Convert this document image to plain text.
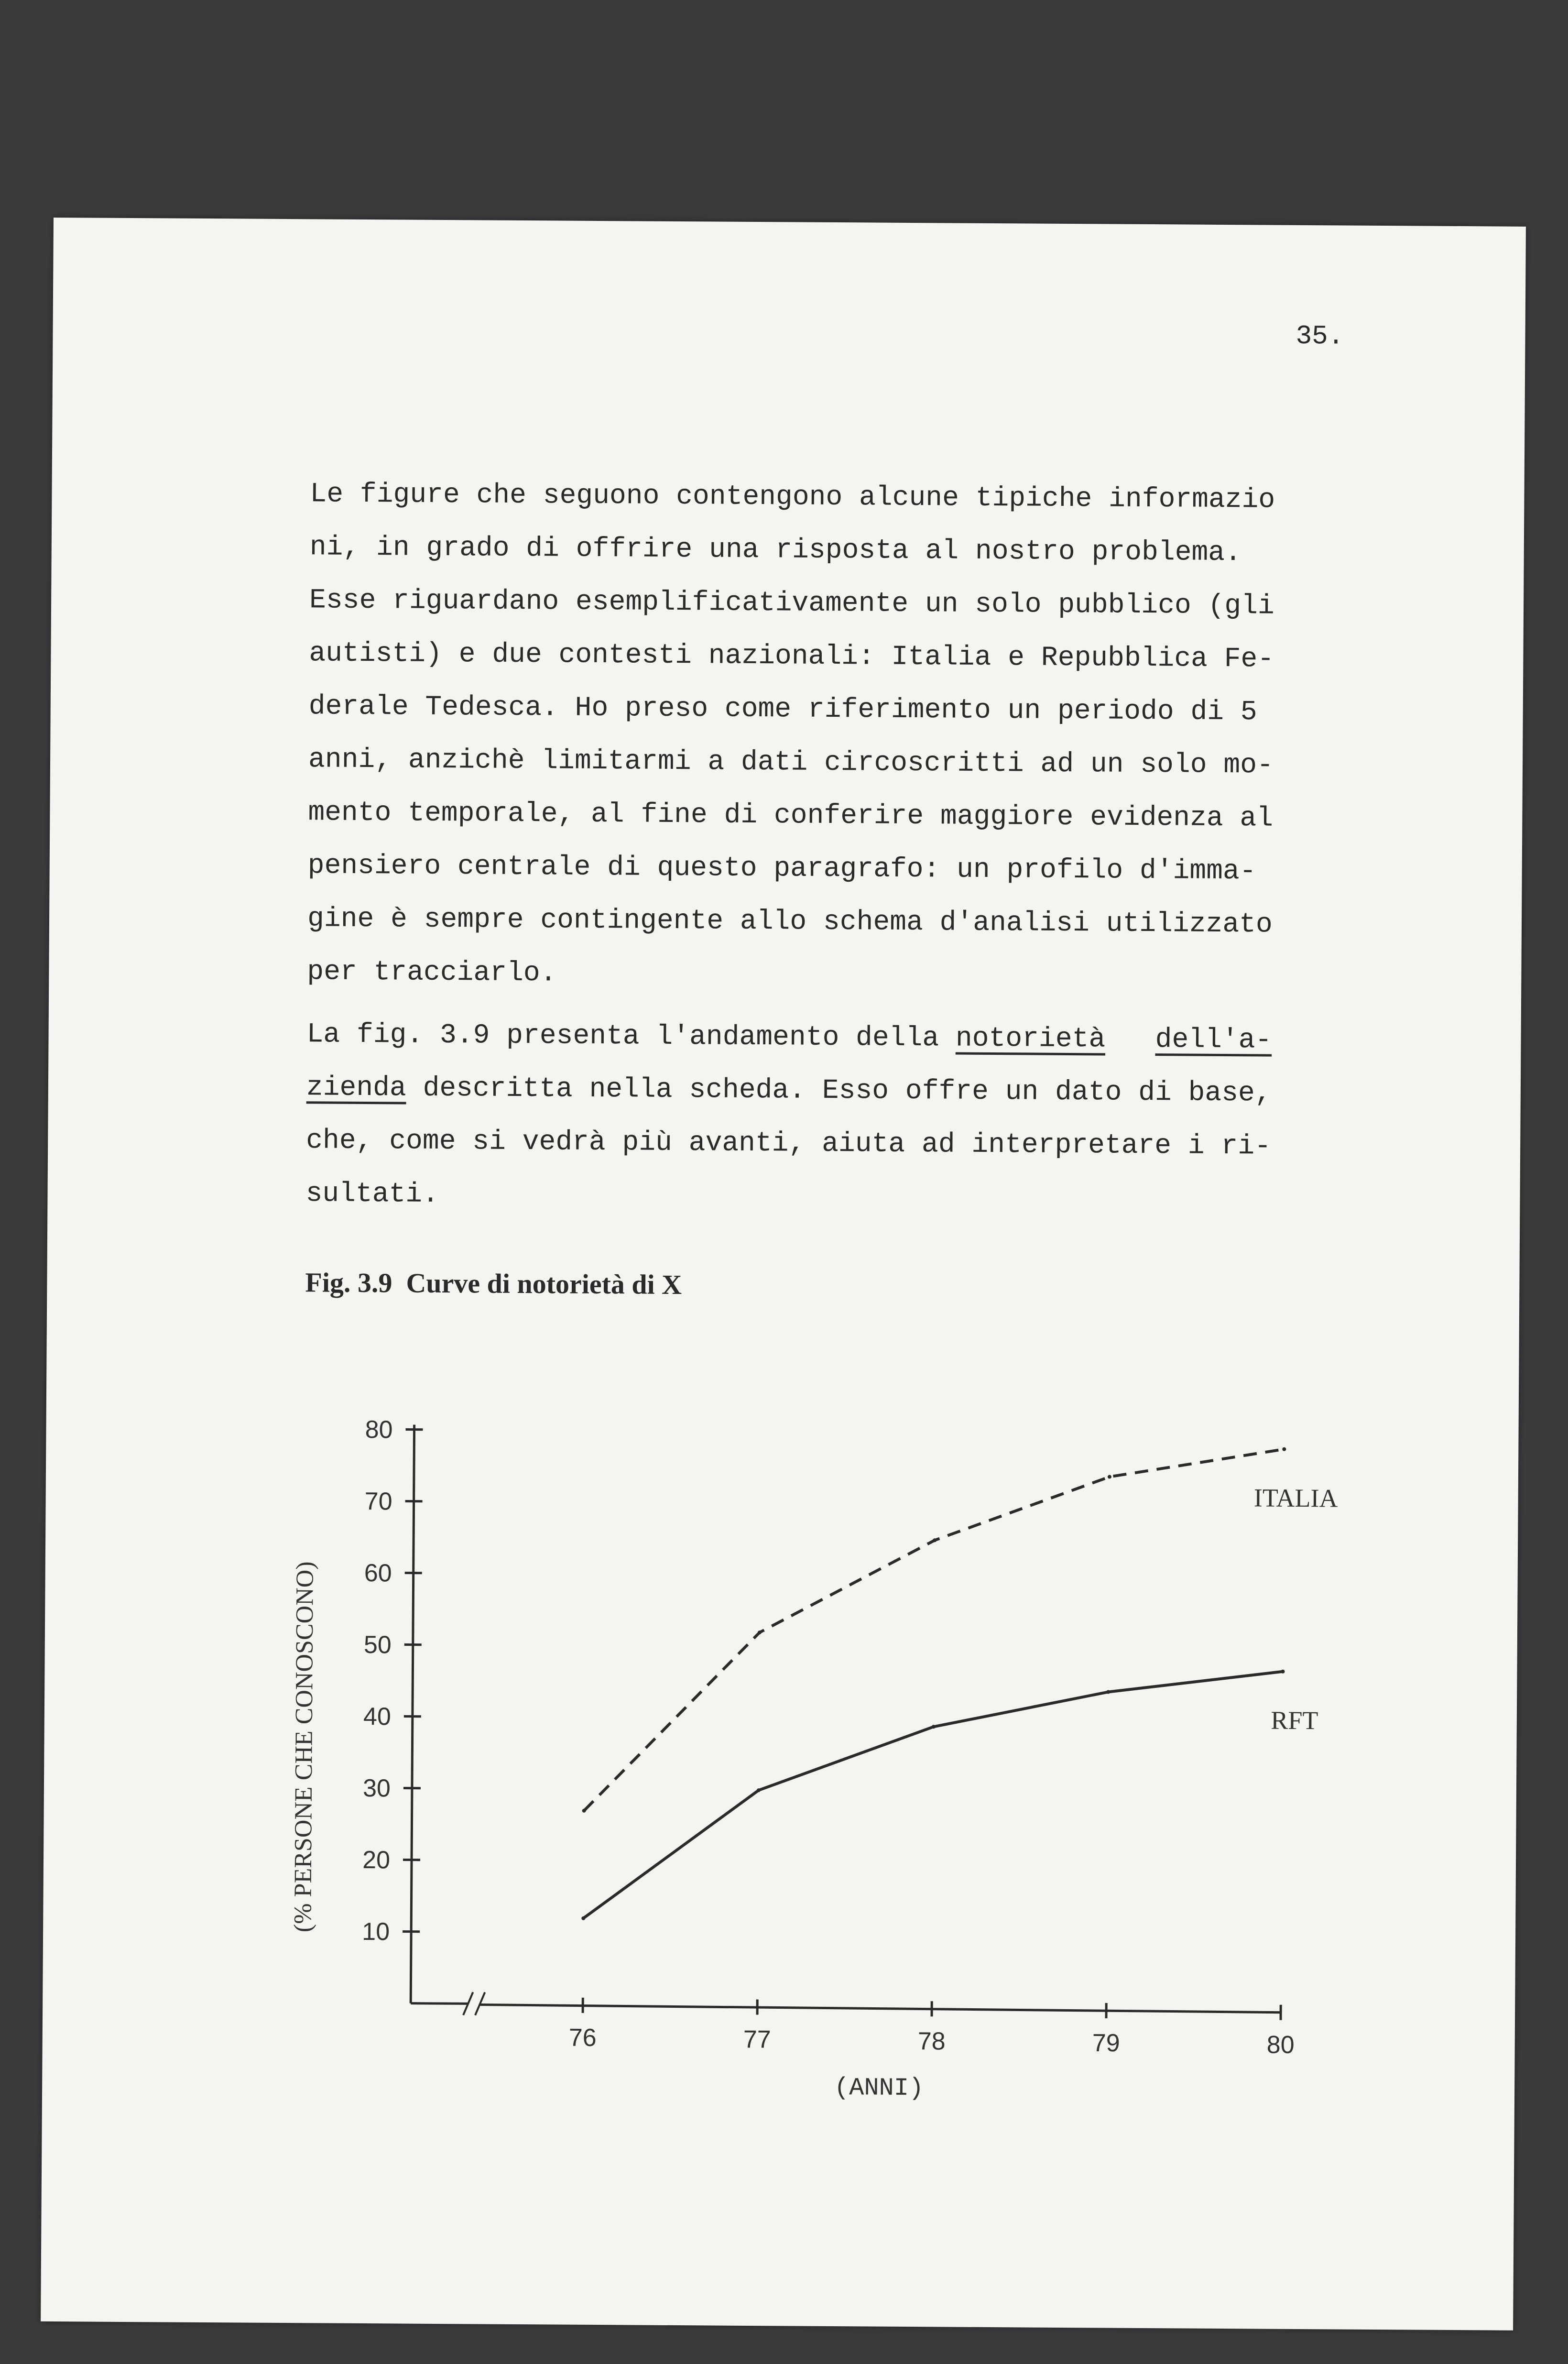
35.
Le figure che seguono contengono alcune tipiche informazio
ni, in grado di offrire una risposta al nostro problema.
Esse riguardano esemplificativamente un solo pubblico (gli
autisti) e due contesti nazionali: Italia e Repubblica Fe-
derale Tedesca. Ho preso come riferimento un periodo di 5
anni, anzichè limitarmi a dati circoscritti ad un solo mo-
mento temporale, al fine di conferire maggiore evidenza al
pensiero centrale di questo paragrafo: un profilo d'imma-
gine è sempre contingente allo schema d'analisi utilizzato
per tracciarlo.
La fig. 3.9 presenta l'andamento della notorietà dell'a-
zienda descritta nella scheda. Esso offre un dato di base,
che, come si vedrà più avanti, aiuta ad interpretare i ri-
sultati.
Fig. 3.9  Curve di notorietà di X
10
20
30
40
50
60
70
80
76	77	78	79	80
(% PERSONE CHE CONOSCONO)
(ANNI)
ITALIA
RFT
